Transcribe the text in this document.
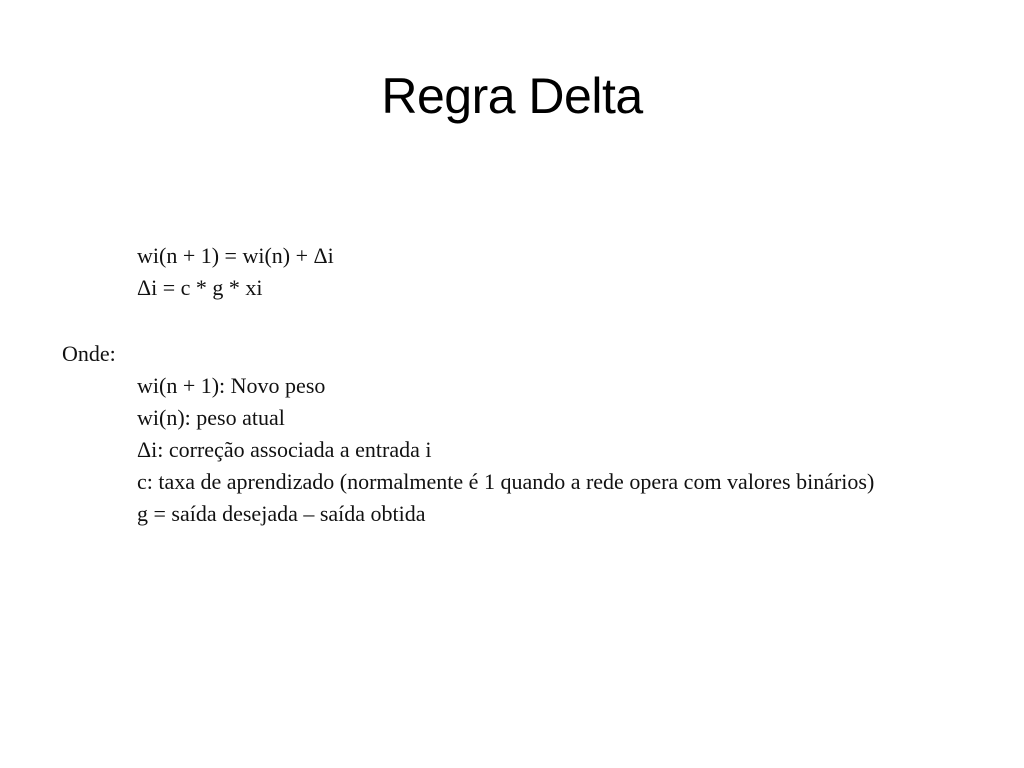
Regra Delta
wi(n + 1) = wi(n) + Δi
Δi = c * g * xi
Onde:
wi(n + 1): Novo peso
wi(n): peso atual
Δi: correção associada a entrada i
c: taxa de aprendizado (normalmente é 1 quando a rede opera com valores binários)
g = saída desejada – saída obtida
